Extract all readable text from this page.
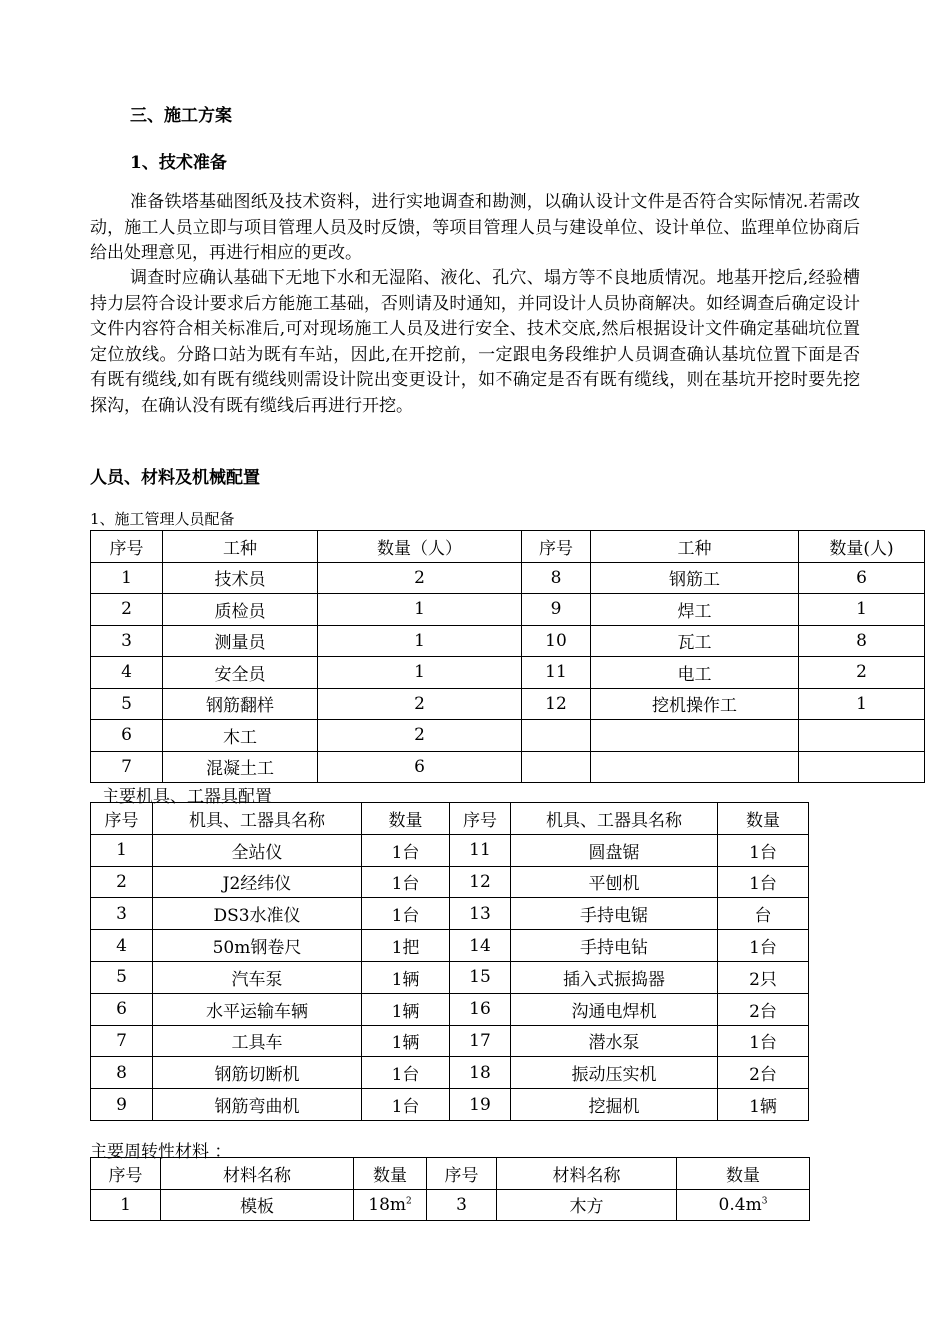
三、施工方案
1、技术准备
准备铁塔基础图纸及技术资料，进行实地调查和勘测，以确认设计文件是否符合实际情况.若需改动，施工人员立即与项目管理人员及时反馈，等项目管理人员与建设单位、设计单位、监理单位协商后给出处理意见，再进行相应的更改。
调查时应确认基础下无地下水和无湿陷、液化、孔穴、塌方等不良地质情况。地基开挖后,经验槽持力层符合设计要求后方能施工基础，否则请及时通知，并同设计人员协商解决。如经调查后确定设计文件内容符合相关标准后,可对现场施工人员及进行安全、技术交底,然后根据设计文件确定基础坑位置定位放线。分路口站为既有车站，因此,在开挖前，一定跟电务段维护人员调查确认基坑位置下面是否有既有缆线,如有既有缆线则需设计院出变更设计，如不确定是否有既有缆线，则在基坑开挖时要先挖探沟，在确认没有既有缆线后再进行开挖。
人员、材料及机械配置
1、施工管理人员配备
序号	工种	数量（人）	序号	工种	数量(人)
1	技术员	2	8	钢筋工	6
2	质检员	1	9	焊工	1
3	测量员	1	10	瓦工	8
4	安全员	1	11	电工	2
5	钢筋翻样	2	12	挖机操作工	1
6	木工	2			
7	混凝土工	6			
主要机具、工器具配置
序号	机具、工器具名称	数量	序号	机具、工器具名称	数量
1	全站仪	1台	11	圆盘锯	1台
2	J2经纬仪	1台	12	平刨机	1台
3	DS3水准仪	1台	13	手持电锯	台
4	50m钢卷尺	1把	14	手持电钻	1台
5	汽车泵	1辆	15	插入式振捣器	2只
6	水平运输车辆	1辆	16	沟通电焊机	2台
7	工具车	1辆	17	潜水泵	1台
8	钢筋切断机	1台	18	振动压实机	2台
9	钢筋弯曲机	1台	19	挖掘机	1辆
主要周转性材料 ：
序号	材料名称	数量	序号	材料名称	数量
1	模板	$18m^2$	3	木方	$0.4m^3$
